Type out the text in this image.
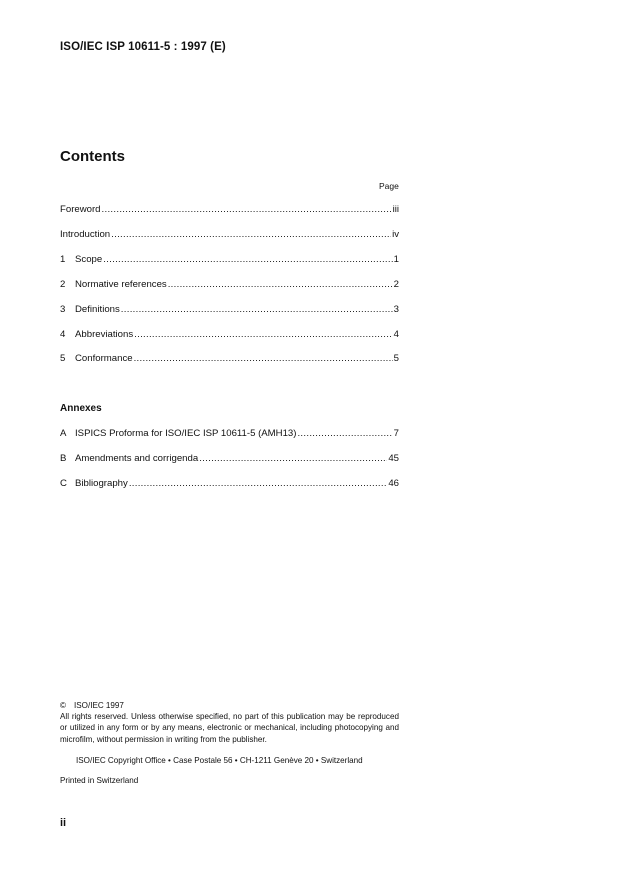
ISO/IEC ISP 10611-5 : 1997 (E)
Contents
Page
Foreword .....	iii
Introduction .....	iv
1	Scope .....	1
2	Normative references .....	2
3	Definitions .....	3
4	Abbreviations .....	4
5	Conformance .....	5
A ISPICS Proforma for ISO/IEC ISP 10611-5 (AMH13) .....	7
B Amendments and corrigenda .....	45
C Bibliography .....	46
Annexes
© ISO/IEC 1997
All rights reserved. Unless otherwise specified, no part of this publication may be reproduced or utilized in any form or by any means, electronic or mechanical, including photocopying and microfilm, without permission in writing from the publisher.
ISO/IEC Copyright Office • Case Postale 56 • CH-1211 Genève 20 • Switzerland
Printed in Switzerland
ii
